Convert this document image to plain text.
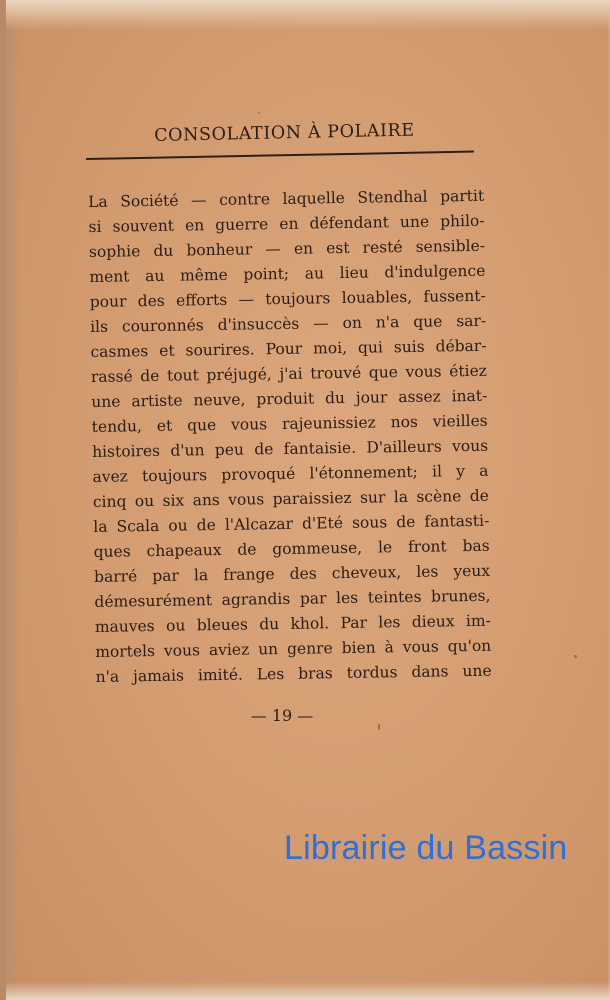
CONSOLATION À POLAIRE
La Société — contre laquelle Stendhal partit
si souvent en guerre en défendant une philo-
sophie du bonheur — en est resté sensible-
ment au même point; au lieu d'indulgence
pour des efforts — toujours louables, fussent-
ils couronnés d'insuccès — on n'a que sar-
casmes et sourires. Pour moi, qui suis débar-
rassé de tout préjugé, j'ai trouvé que vous étiez
une artiste neuve, produit du jour assez inat-
tendu, et que vous rajeunissiez nos vieilles
histoires d'un peu de fantaisie. D'ailleurs vous
avez toujours provoqué l'étonnement; il y a
cinq ou six ans vous paraissiez sur la scène de
la Scala ou de l'Alcazar d'Eté sous de fantasti-
ques chapeaux de gommeuse, le front bas
barré par la frange des cheveux, les yeux
démesurément agrandis par les teintes brunes,
mauves ou bleues du khol. Par les dieux im-
mortels vous aviez un genre bien à vous qu'on
n'a jamais imité. Les bras tordus dans une
— 19 —
Librairie du Bassin
